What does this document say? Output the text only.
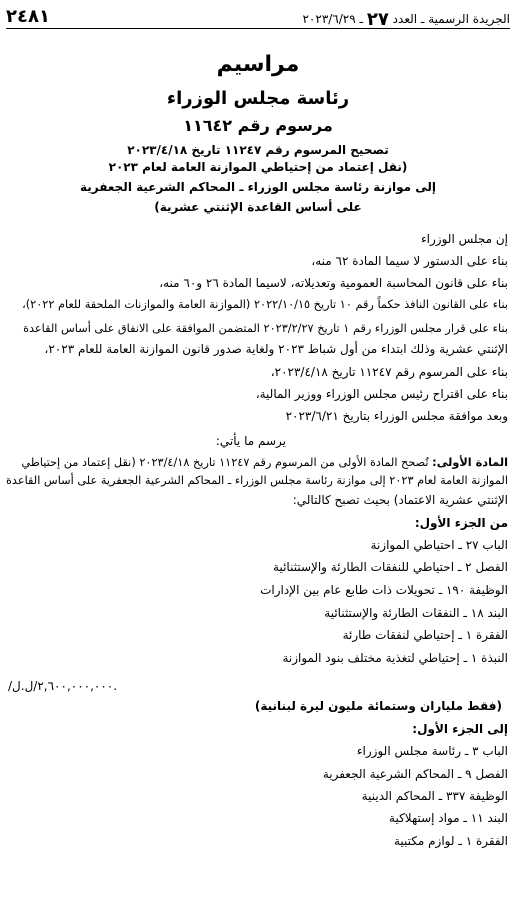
الجريدة الرسمية ـ العدد ٢٧ ـ ٢٠٢٣/٦/٢٩
٢٤٨١
مراسيم
رئاسة مجلس الوزراء
مرسوم رقم ١١٦٤٢
تصحيح المرسوم رقم ١١٢٤٧ تاريخ ٢٠٢٣/٤/١٨
(نقل إعتماد من إحتياطي الموازنة العامة لعام ٢٠٢٣
إلى موازنة رئاسة مجلس الوزراء ـ المحاكم الشرعية الجعفرية
على أساس القاعدة الإثنتي عشرية)
إن مجلس الوزراء
بناء على الدستور لا سيما المادة ٦٢ منه،
بناء على قانون المحاسبة العمومية وتعديلاته، لاسيما المادة ٢٦ و٦٠ منه،
بناء على القانون النافذ حكماً رقم ١٠ تاريخ ٢٠٢٢/١٠/١٥ (الموازنة العامة والموازنات الملحقة للعام ٢٠٢٢)،
بناء على قرار مجلس الوزراء رقم ١ تاريخ ٢٠٢٣/٢/٢٧ المتضمن الموافقة على الانفاق على أساس القاعدة
الإثنتي عشرية وذلك ابتداء من أول شباط ٢٠٢٣ ولغاية صدور قانون الموازنة العامة للعام ٢٠٢٣،
بناء على المرسوم رقم ١١٢٤٧ تاريخ ٢٠٢٣/٤/١٨،
بناء على اقتراح رئيس مجلس الوزراء ووزير المالية،
وبعد موافقة مجلس الوزراء بتاريخ ٢٠٢٣/٦/٢١
يرسم ما يأتي:
المادة الأولى: تُصحح المادة الأولى من المرسوم رقم ١١٢٤٧ تاريخ ٢٠٢٣/٤/١٨ (نقل إعتماد من إحتياطي
الموازنة العامة لعام ٢٠٢٣ إلى موازنة رئاسة مجلس الوزراء ـ المحاكم الشرعية الجعفرية على أساس القاعدة
الإثنتي عشرية الاعتماد) بحيث تصبح كالتالي:
من الجزء الأول:
الباب ٢٧ ـ احتياطي الموازنة
الفصل ٢ ـ احتياطي للنفقات الطارئة والإستثنائية
الوظيفة ١٩٠ ـ تحويلات ذات طابع عام بين الإدارات
البند ١٨ ـ النفقات الطارئة والإستثنائية
الفقرة ١ ـ إحتياطي لنفقات طارئة
النبذة ١ ـ إحتياطي لتغذية مختلف بنود الموازنة
/٢,٦٠٠,٠٠٠,٠٠٠/ل.ل.
(فقط ملياران وستمائة مليون ليرة لبنانية)
إلى الجزء الأول:
الباب ٣ ـ رئاسة مجلس الوزراء
الفصل ٩ ـ المحاكم الشرعية الجعفرية
الوظيفة ٣٣٧ ـ المحاكم الدينية
البند ١١ ـ مواد إستهلاكية
الفقرة ١ ـ لوازم مكتبية
